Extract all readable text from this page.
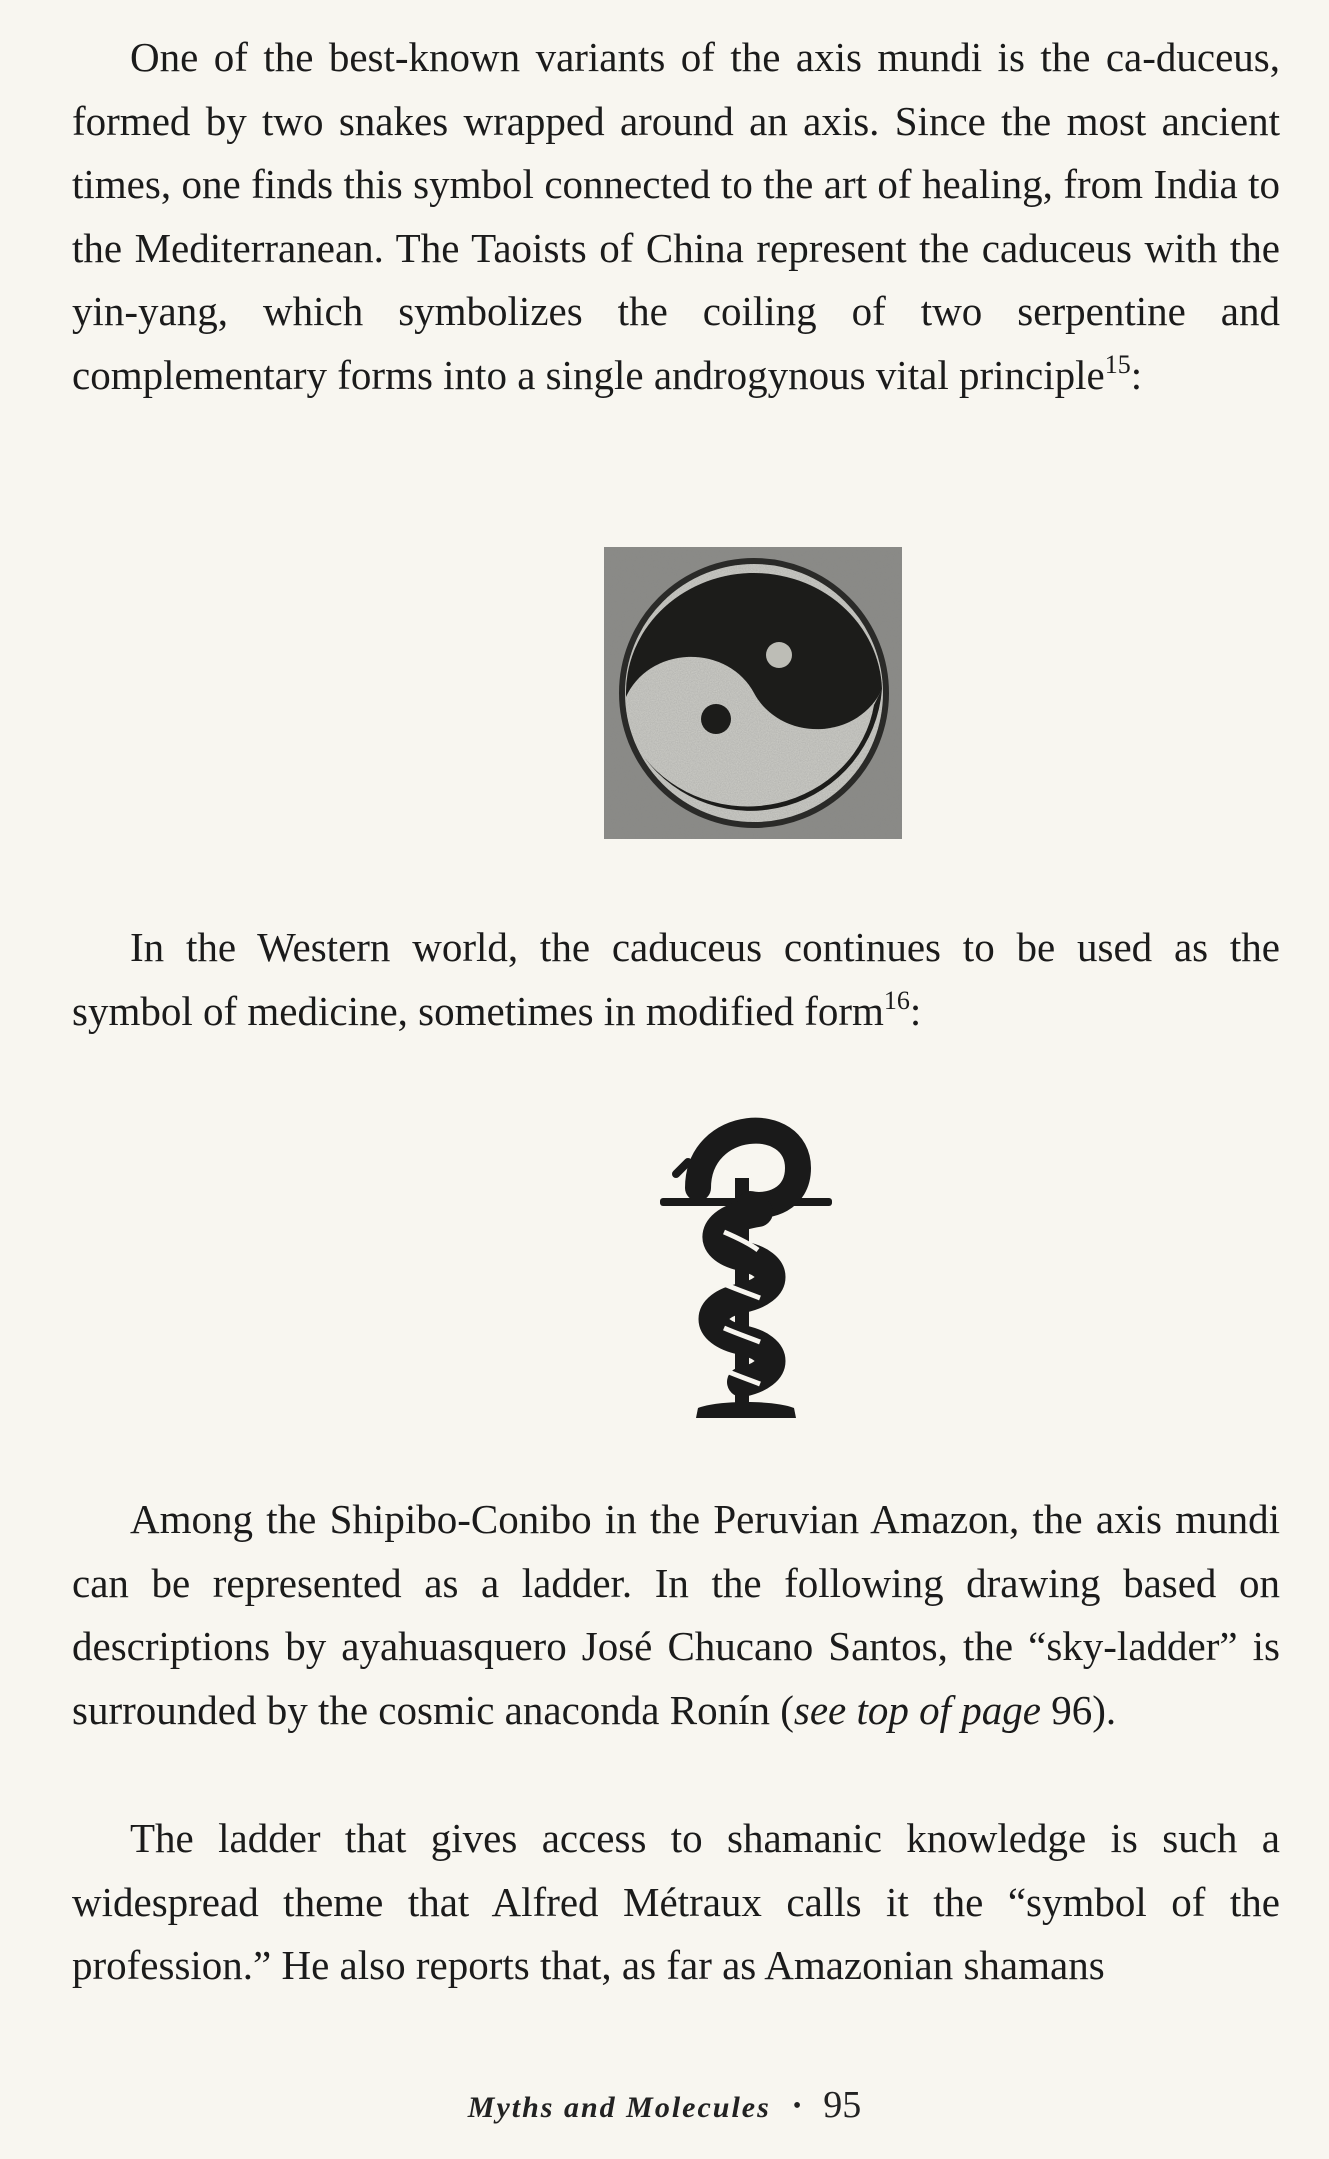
One of the best-known variants of the axis mundi is the ca-duceus, formed by two snakes wrapped around an axis. Since the most ancient times, one finds this symbol connected to the art of healing, from India to the Mediterranean. The Taoists of China represent the caduceus with the yin-yang, which symbolizes the coiling of two serpentine and complementary forms into a single androgynous vital principle$^{15}$:

In the Western world, the caduceus continues to be used as the symbol of medicine, sometimes in modified form$^{16}$:

Among the Shipibo-Conibo in the Peruvian Amazon, the axis mundi can be represented as a ladder. In the following drawing based on descriptions by ayahuasquero José Chucano Santos, the “sky-ladder” is surrounded by the cosmic anaconda Ronín (see top of page 96).

The ladder that gives access to shamanic knowledge is such a widespread theme that Alfred Métraux calls it the “symbol of the profession.” He also reports that, as far as Amazonian shamans

Myths and Molecules • 95
